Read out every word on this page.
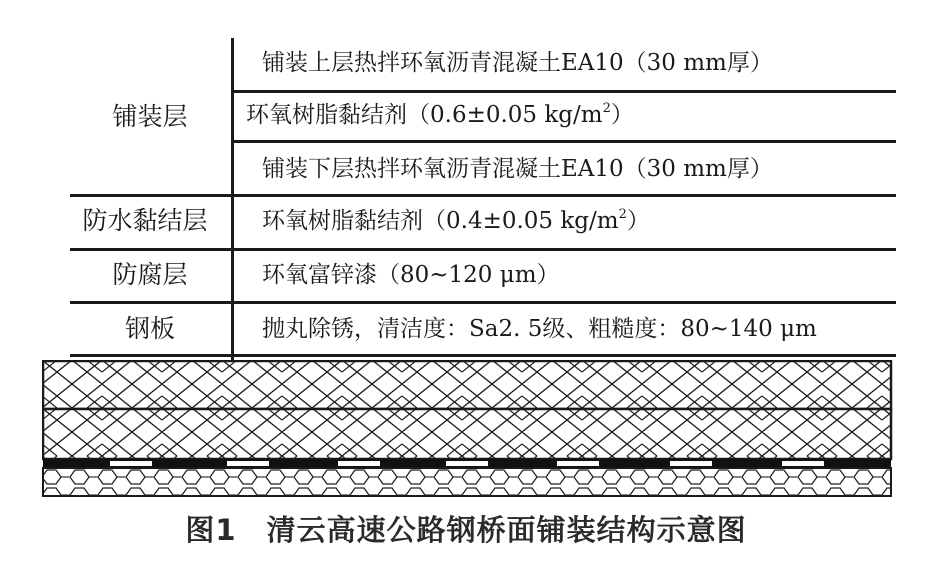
铺装层
防水黏结层
防腐层
钢板
铺装上层热拌环氧沥青混凝土EA10（30 mm厚）
环氧树脂黏结剂（0.6±0.05 $kg/m^2$）
铺装下层热拌环氧沥青混凝土EA10（30 mm厚）
环氧树脂黏结剂（0.4±0.05 $kg/m^2$）
环氧富锌漆（80~120 μm）
抛丸除锈，清洁度：Sa2. 5级、粗糙度：80~140 μm
图1　清云高速公路钢桥面铺装结构示意图
